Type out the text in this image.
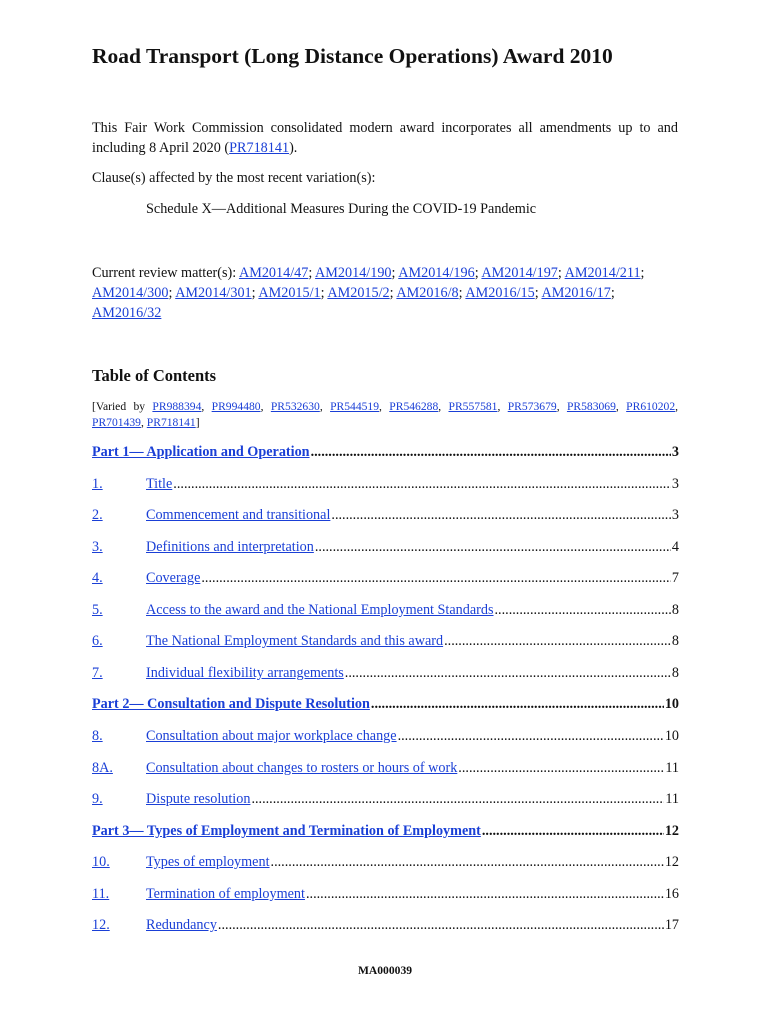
Road Transport (Long Distance Operations) Award 2010

This Fair Work Commission consolidated modern award incorporates all amendments up to and including 8 April 2020 (PR718141).

Clause(s) affected by the most recent variation(s):

Schedule X—Additional Measures During the COVID-19 Pandemic

Current review matter(s): AM2014/47; AM2014/190; AM2014/196; AM2014/197; AM2014/211; AM2014/300; AM2014/301; AM2015/1; AM2015/2; AM2016/8; AM2016/15; AM2016/17; AM2016/32

Table of Contents

[Varied by PR988394, PR994480, PR532630, PR544519, PR546288, PR557581, PR573679, PR583069, PR610202, PR701439, PR718141]

Part 1— Application and Operation .....	3
1.	Title .....	3
2.	Commencement and transitional .....	3
3.	Definitions and interpretation .....	4
4.	Coverage .....	7
5.	Access to the award and the National Employment Standards .....	8
6.	The National Employment Standards and this award .....	8
7.	Individual flexibility arrangements .....	8
Part 2— Consultation and Dispute Resolution .....	10
8.	Consultation about major workplace change .....	10
8A.	Consultation about changes to rosters or hours of work .....	11
9.	Dispute resolution .....	11
Part 3— Types of Employment and Termination of Employment .....	12
10.	Types of employment .....	12
11.	Termination of employment .....	16
12.	Redundancy .....	17

MA000039
